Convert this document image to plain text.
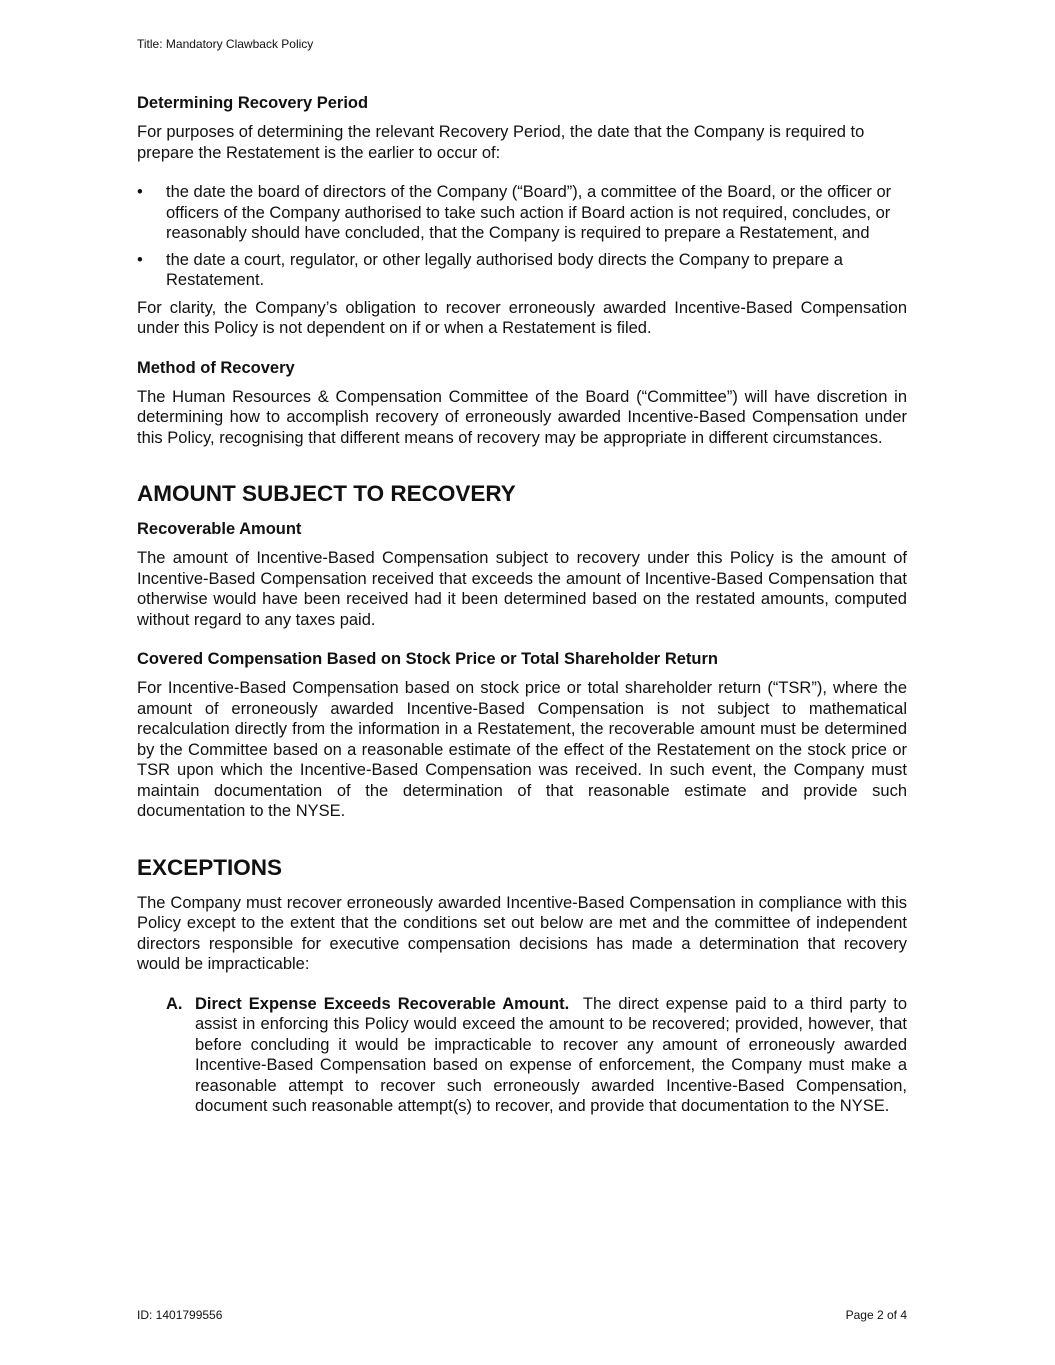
Title: Mandatory Clawback Policy
Determining Recovery Period

For purposes of determining the relevant Recovery Period, the date that the Company is required to prepare the Restatement is the earlier to occur of:

• the date the board of directors of the Company (“Board”), a committee of the Board, or the officer or officers of the Company authorised to take such action if Board action is not required, concludes, or reasonably should have concluded, that the Company is required to prepare a Restatement, and
• the date a court, regulator, or other legally authorised body directs the Company to prepare a Restatement.

For clarity, the Company’s obligation to recover erroneously awarded Incentive-Based Compensation under this Policy is not dependent on if or when a Restatement is filed.

Method of Recovery

The Human Resources & Compensation Committee of the Board (“Committee”) will have discretion in determining how to accomplish recovery of erroneously awarded Incentive-Based Compensation under this Policy, recognising that different means of recovery may be appropriate in different circumstances.

AMOUNT SUBJECT TO RECOVERY
Recoverable Amount

The amount of Incentive-Based Compensation subject to recovery under this Policy is the amount of Incentive-Based Compensation received that exceeds the amount of Incentive-Based Compensation that otherwise would have been received had it been determined based on the restated amounts, computed without regard to any taxes paid.

Covered Compensation Based on Stock Price or Total Shareholder Return

For Incentive-Based Compensation based on stock price or total shareholder return (“TSR”), where the amount of erroneously awarded Incentive-Based Compensation is not subject to mathematical recalculation directly from the information in a Restatement, the recoverable amount must be determined by the Committee based on a reasonable estimate of the effect of the Restatement on the stock price or TSR upon which the Incentive-Based Compensation was received. In such event, the Company must maintain documentation of the determination of that reasonable estimate and provide such documentation to the NYSE.

EXCEPTIONS

The Company must recover erroneously awarded Incentive-Based Compensation in compliance with this Policy except to the extent that the conditions set out below are met and the committee of independent directors responsible for executive compensation decisions has made a determination that recovery would be impracticable:

A. Direct Expense Exceeds Recoverable Amount. The direct expense paid to a third party to assist in enforcing this Policy would exceed the amount to be recovered; provided, however, that before concluding it would be impracticable to recover any amount of erroneously awarded Incentive-Based Compensation based on expense of enforcement, the Company must make a reasonable attempt to recover such erroneously awarded Incentive-Based Compensation, document such reasonable attempt(s) to recover, and provide that documentation to the NYSE.
ID: 1401799556	Page 2 of 4
